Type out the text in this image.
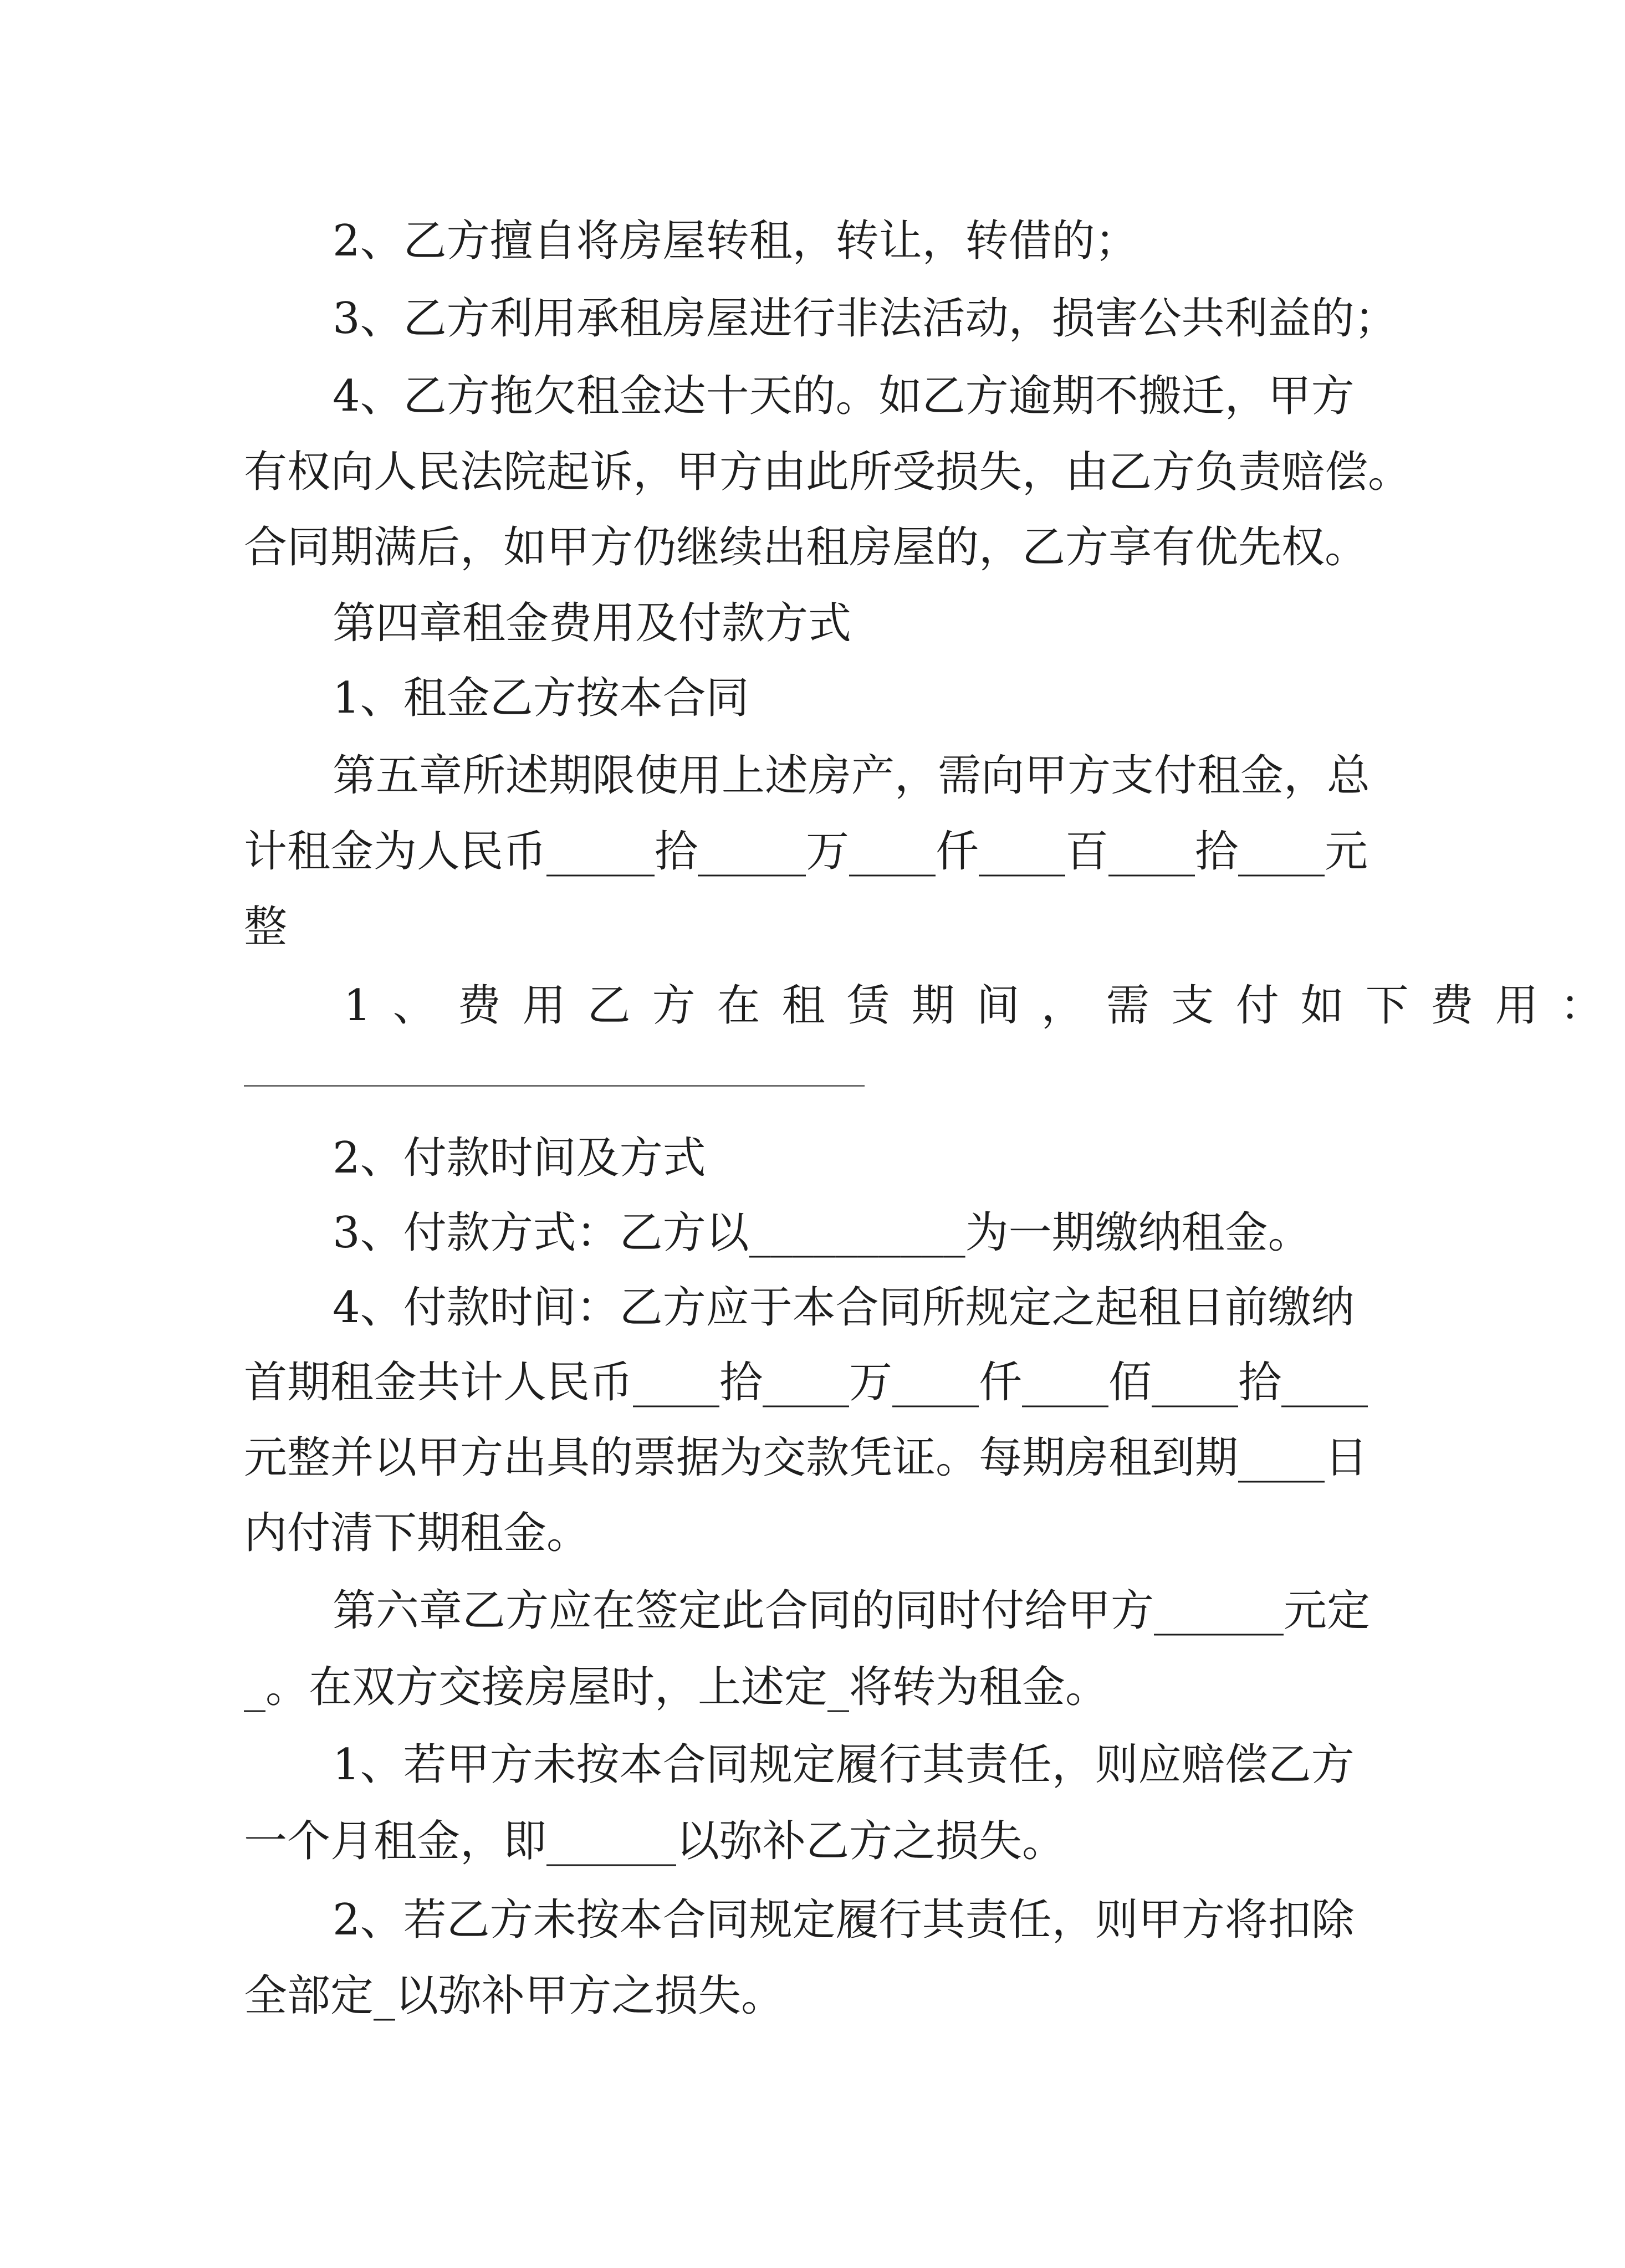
2、乙方擅自将房屋转租，转让，转借的；
3、乙方利用承租房屋进行非法活动，损害公共利益的；
4、乙方拖欠租金达十天的。如乙方逾期不搬迁，甲方
有权向人民法院起诉，甲方由此所受损失，由乙方负责赔偿。
合同期满后，如甲方仍继续出租房屋的，乙方享有优先权。
第四章租金费用及付款方式
1、租金乙方按本合同
第五章所述期限使用上述房产，需向甲方支付租金，总
计租金为人民币_____拾_____万____仟____百____拾____元
整
1、费用乙方在租赁期间，需支付如下费用：
2、付款时间及方式
3、付款方式：乙方以__________为一期缴纳租金。
4、付款时间：乙方应于本合同所规定之起租日前缴纳
首期租金共计人民币____拾____万____仟____佰____拾____
元整并以甲方出具的票据为交款凭证。每期房租到期____日
内付清下期租金。
第六章乙方应在签定此合同的同时付给甲方______元定
_。在双方交接房屋时，上述定_将转为租金。
1、若甲方未按本合同规定履行其责任，则应赔偿乙方
一个月租金，即______以弥补乙方之损失。
2、若乙方未按本合同规定履行其责任，则甲方将扣除
全部定_以弥补甲方之损失。
